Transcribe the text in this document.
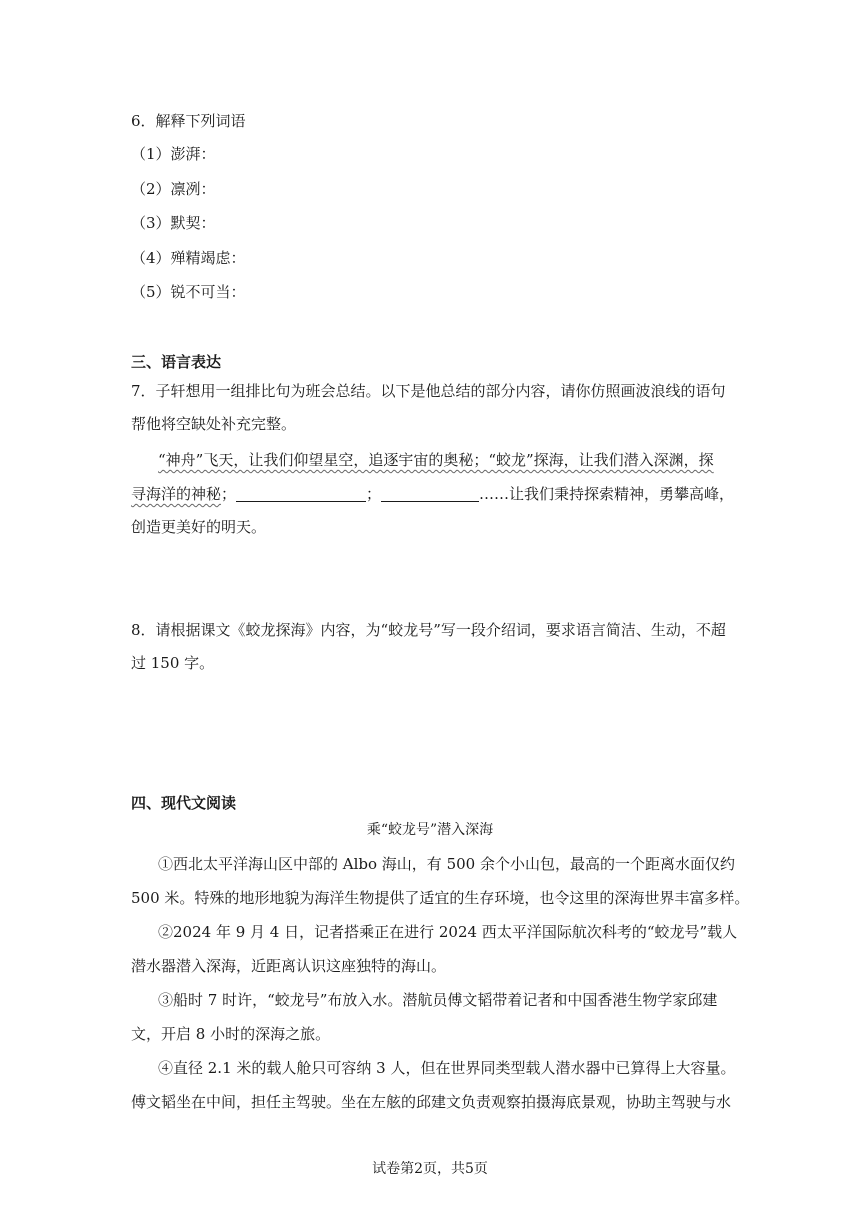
6．解释下列词语
（1）澎湃：
（2）凛冽：
（3）默契：
（4）殚精竭虑：
（5）锐不可当：
三、语言表达
7．子轩想用一组排比句为班会总结。以下是他总结的部分内容，请你仿照画波浪线的语句
帮他将空缺处补充完整。
“神舟”飞天，让我们仰望星空，追逐宇宙的奥秘；“蛟龙”探海，让我们潜入深渊，探
寻海洋的神秘；	；	……让我们秉持探索精神，勇攀高峰，
创造更美好的明天。
8．请根据课文《蛟龙探海》内容，为“蛟龙号”写一段介绍词，要求语言简洁、生动，不超
过 150 字。
四、现代文阅读
乘“蛟龙号”潜入深海
①西北太平洋海山区中部的 Albo 海山，有 500 余个小山包，最高的一个距离水面仅约
500 米。特殊的地形地貌为海洋生物提供了适宜的生存环境，也令这里的深海世界丰富多样。
②2024 年 9 月 4 日，记者搭乘正在进行 2024 西太平洋国际航次科考的“蛟龙号”载人
潜水器潜入深海，近距离认识这座独特的海山。
③船时 7 时许，“蛟龙号”布放入水。潜航员傅文韬带着记者和中国香港生物学家邱建
文，开启 8 小时的深海之旅。
④直径 2.1 米的载人舱只可容纳 3 人，但在世界同类型载人潜水器中已算得上大容量。
傅文韬坐在中间，担任主驾驶。坐在左舷的邱建文负责观察拍摄海底景观，协助主驾驶与水
试卷第2页，共5页
